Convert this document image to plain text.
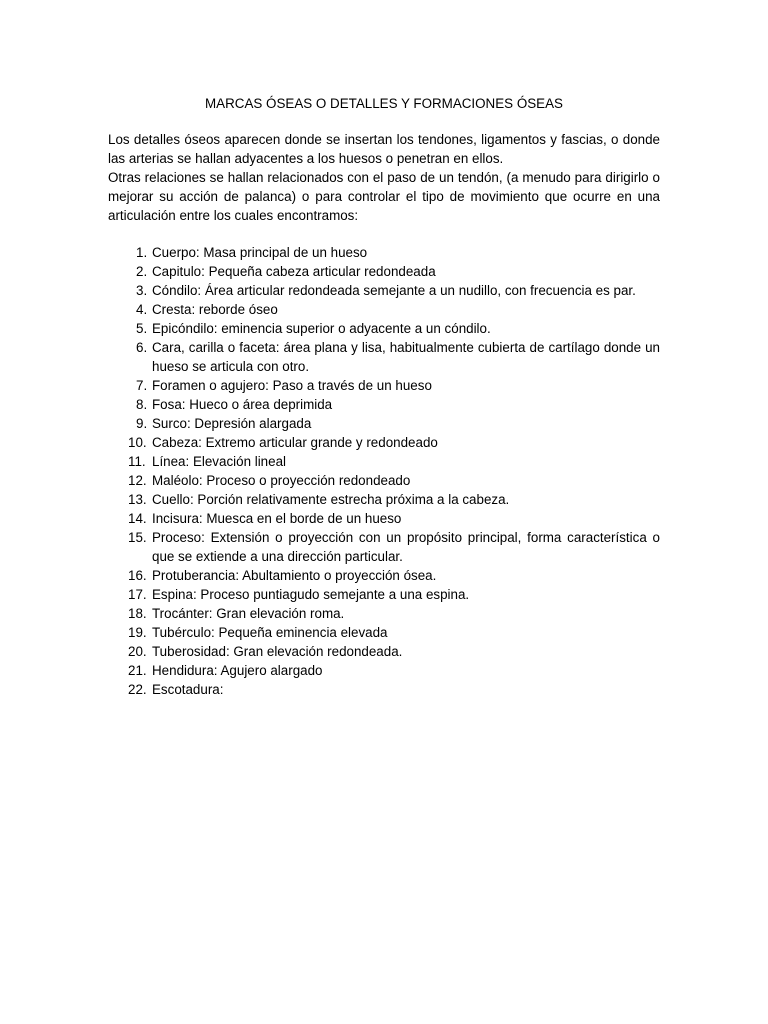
MARCAS ÓSEAS O DETALLES Y FORMACIONES ÓSEAS

Los detalles óseos aparecen donde se insertan los tendones, ligamentos y fascias, o donde las arterias se hallan adyacentes a los huesos o penetran en ellos.

Otras relaciones se hallan relacionados con el paso de un tendón, (a menudo para dirigirlo o mejorar su acción de palanca) o para controlar el tipo de movimiento que ocurre en una articulación entre los cuales encontramos:

1. Cuerpo: Masa principal de un hueso
2. Capitulo: Pequeña cabeza articular redondeada
3. Cóndilo: Área articular redondeada semejante a un nudillo, con frecuencia es par.
4. Cresta: reborde óseo
5. Epicóndilo: eminencia superior o adyacente a un cóndilo.
6. Cara, carilla o faceta: área plana y lisa, habitualmente cubierta de cartílago donde un hueso se articula con otro.
7. Foramen o agujero: Paso a través de un hueso
8. Fosa: Hueco o área deprimida
9. Surco: Depresión alargada
10. Cabeza: Extremo articular grande y redondeado
11. Línea: Elevación lineal
12. Maléolo: Proceso o proyección redondeado
13. Cuello: Porción relativamente estrecha próxima a la cabeza.
14. Incisura: Muesca en el borde de un hueso
15. Proceso: Extensión o proyección con un propósito principal, forma característica o que se extiende a una dirección particular.
16. Protuberancia: Abultamiento o proyección ósea.
17. Espina: Proceso puntiagudo semejante a una espina.
18. Trocánter: Gran elevación roma.
19. Tubérculo: Pequeña eminencia elevada
20. Tuberosidad: Gran elevación redondeada.
21. Hendidura: Agujero alargado
22. Escotadura:
